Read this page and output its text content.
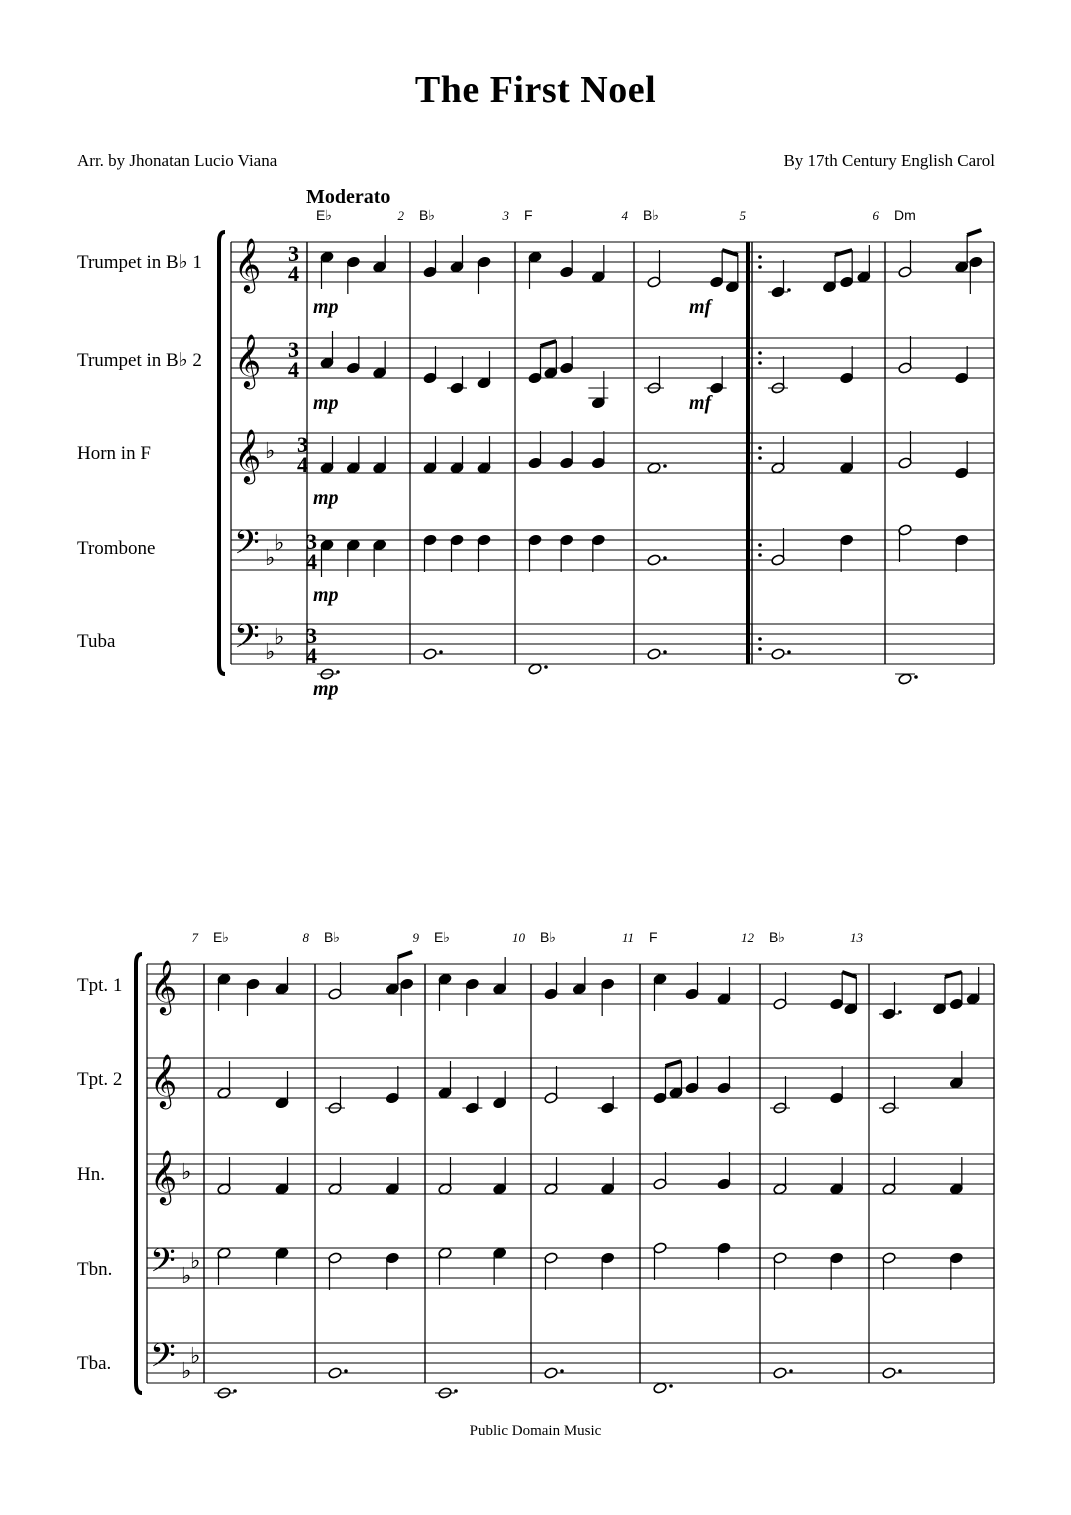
The First Noel
Arr. by Jhonatan Lucio Viana	By 17th Century English Carol
Trumpet in B♭ 1
Trumpet in B♭ 2
Horn in F
Trombone
Tuba
Tpt. 1
Tpt. 2
Hn.
Tbn.
Tba.
𝄞 3
4
𝄞 3
4
𝄞 ♭ 3
4
𝄢 ♭
♭ 3
4
𝄢 ♭
♭ 3
4
E♭	2 B♭	3 F	4 B♭	5	6 Dm
Moderato
mp	mf
mp	mf
mp
mp
mp
𝄞
𝄞
𝄞 ♭
𝄢 ♭
♭
𝄢 ♭
♭
7 E♭	8 B♭	9 E♭	10 B♭	11 F	12 B♭	13
Public Domain Music
